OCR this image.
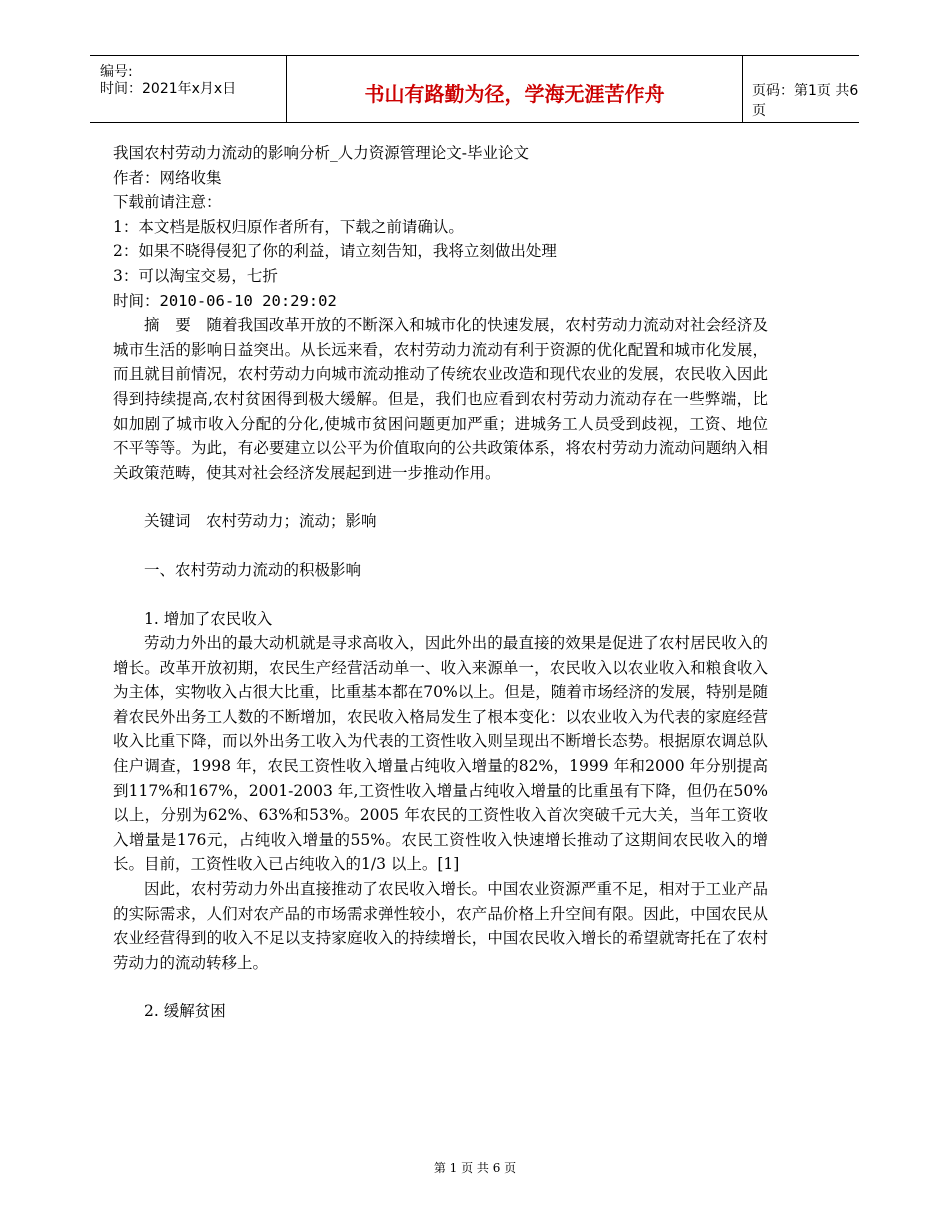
编号:
时间：2021年x月x日	书山有路勤为径，学海无涯苦作舟	页码：第1页 共6页

我国农村劳动力流动的影响分析_人力资源管理论文-毕业论文

作者：网络收集

下载前请注意：

1：本文档是版权归原作者所有，下载之前请确认。

2：如果不晓得侵犯了你的利益，请立刻告知，我将立刻做出处理

3：可以淘宝交易，七折

时间：2010-06-10 20:29:02

摘　要　随着我国改革开放的不断深入和城市化的快速发展，农村劳动力流动对社会经济及城市生活的影响日益突出。从长远来看，农村劳动力流动有利于资源的优化配置和城市化发展，而且就目前情况，农村劳动力向城市流动推动了传统农业改造和现代农业的发展，农民收入因此得到持续提高,农村贫困得到极大缓解。但是，我们也应看到农村劳动力流动存在一些弊端，比如加剧了城市收入分配的分化,使城市贫困问题更加严重；进城务工人员受到歧视，工资、地位不平等等。为此，有必要建立以公平为价值取向的公共政策体系，将农村劳动力流动问题纳入相关政策范畴，使其对社会经济发展起到进一步推动作用。

关键词　农村劳动力；流动；影响

一、农村劳动力流动的积极影响

1. 增加了农民收入

劳动力外出的最大动机就是寻求高收入，因此外出的最直接的效果是促进了农村居民收入的增长。改革开放初期，农民生产经营活动单一、收入来源单一，农民收入以农业收入和粮食收入为主体，实物收入占很大比重，比重基本都在70%以上。但是，随着市场经济的发展，特别是随着农民外出务工人数的不断增加，农民收入格局发生了根本变化：以农业收入为代表的家庭经营收入比重下降，而以外出务工收入为代表的工资性收入则呈现出不断增长态势。根据原农调总队住户调查，1998 年，农民工资性收入增量占纯收入增量的82%，1999 年和2000 年分别提高到117%和167%，2001-2003 年,工资性收入增量占纯收入增量的比重虽有下降，但仍在50%以上，分别为62%、63%和53%。2005 年农民的工资性收入首次突破千元大关，当年工资收入增量是176元，占纯收入增量的55%。农民工资性收入快速增长推动了这期间农民收入的增长。目前，工资性收入已占纯收入的1/3 以上。[1]

因此，农村劳动力外出直接推动了农民收入增长。中国农业资源严重不足，相对于工业产品的实际需求，人们对农产品的市场需求弹性较小，农产品价格上升空间有限。因此，中国农民从农业经营得到的收入不足以支持家庭收入的持续增长，中国农民收入增长的希望就寄托在了农村劳动力的流动转移上。

2. 缓解贫困

第 1 页 共 6 页
